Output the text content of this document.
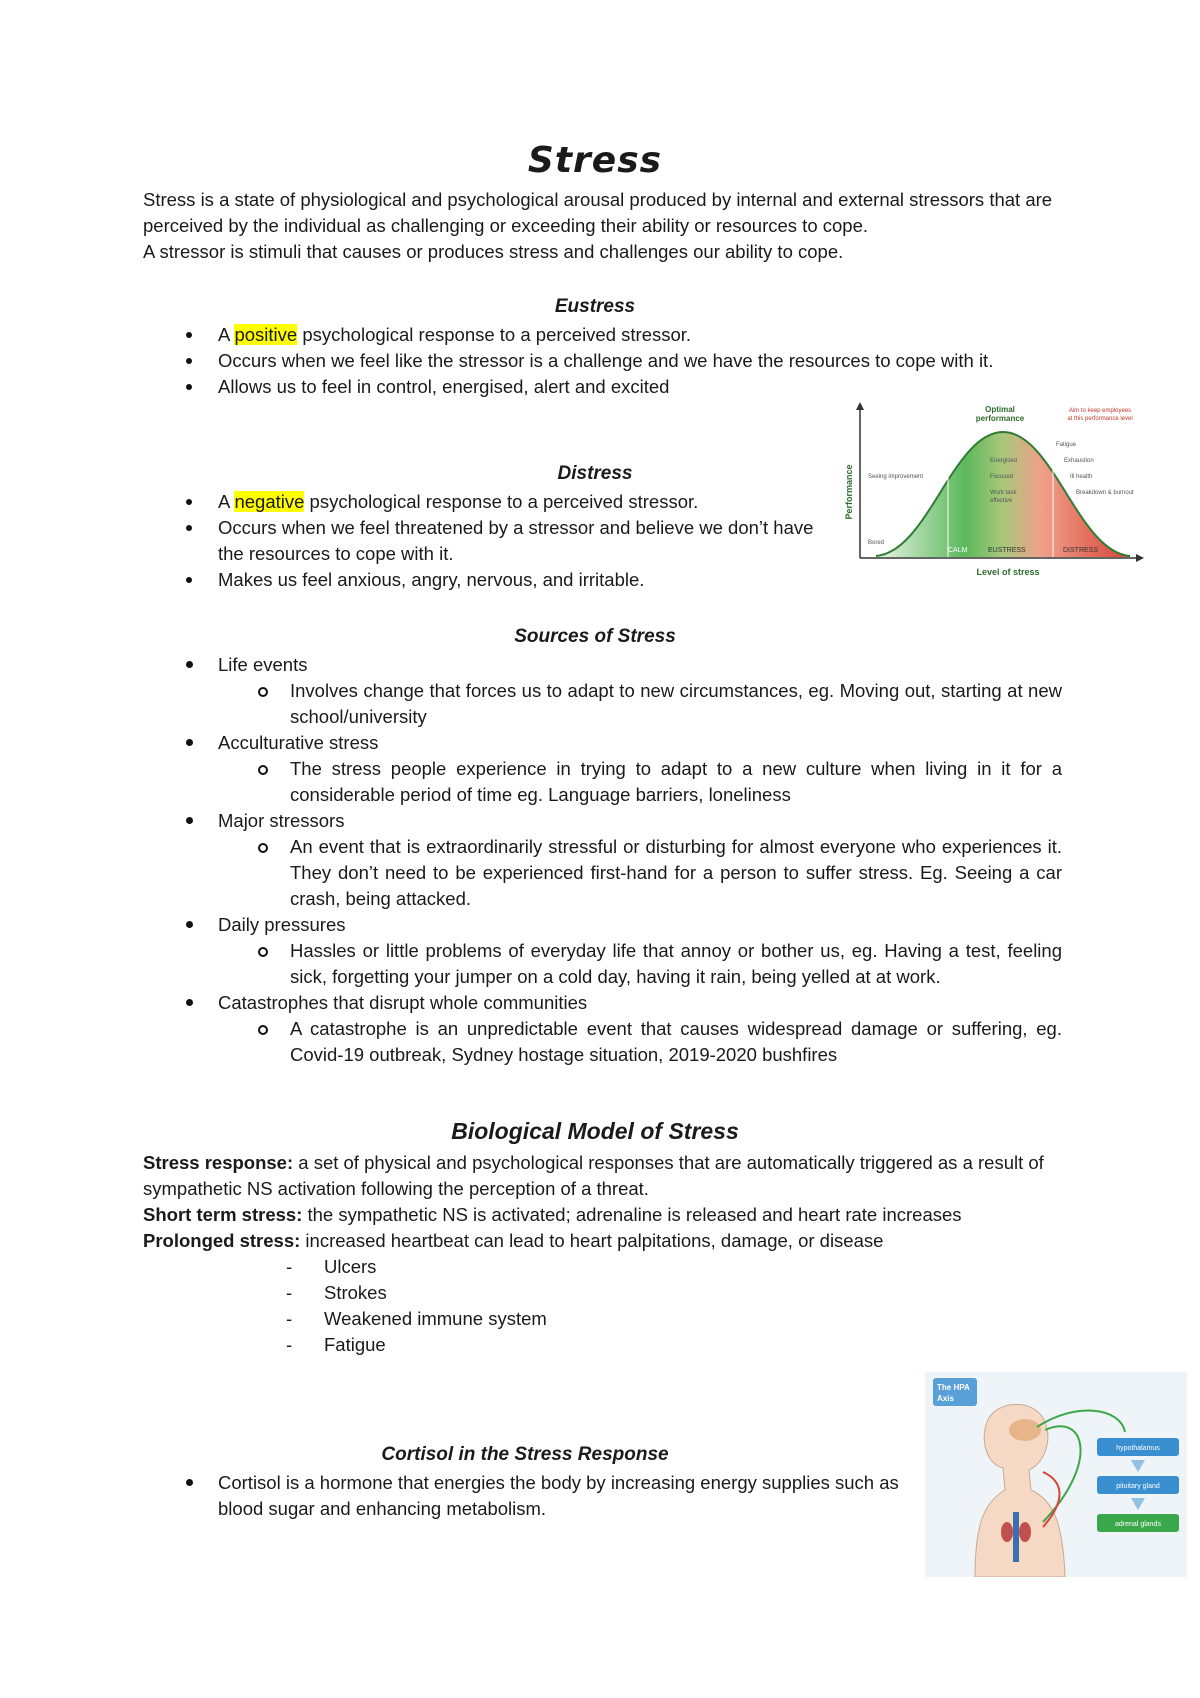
Stress

Stress is a state of physiological and psychological arousal produced by internal and external stressors that are perceived by the individual as challenging or exceeding their ability or resources to cope.

A stressor is stimuli that causes or produces stress and challenges our ability to cope.

Eustress
A positive psychological response to a perceived stressor.
Occurs when we feel like the stressor is a challenge and we have the resources to cope with it.
Allows us to feel in control, energised, alert and excited
Distress
A negative psychological response to a perceived stressor.
Occurs when we feel threatened by a stressor and believe we don’t have the resources to cope with it.
Makes us feel anxious, angry, nervous, and irritable.
Performance
Level of stress
Optimal
performance
Aim to keep employees
at this performance level
Seeing improvement
Bored
Energised
Focused
Work task
effective
Fatigue
Exhaustion
Ill health
Breakdown & burnout
CALM	EUSTRESS	DISTRESS
Sources of Stress
Life events
Involves change that forces us to adapt to new circumstances, eg. Moving out, starting at new school/university
Acculturative stress
The stress people experience in trying to adapt to a new culture when living in it for a considerable period of time eg. Language barriers, loneliness
Major stressors
An event that is extraordinarily stressful or disturbing for almost everyone who experiences it. They don’t need to be experienced first-hand for a person to suffer stress. Eg. Seeing a car crash, being attacked.
Daily pressures
Hassles or little problems of everyday life that annoy or bother us, eg. Having a test, feeling sick, forgetting your jumper on a cold day, having it rain, being yelled at at work.
Catastrophes that disrupt whole communities
A catastrophe is an unpredictable event that causes widespread damage or suffering, eg. Covid-19 outbreak, Sydney hostage situation, 2019-2020 bushfires
Biological Model of Stress

Stress response: a set of physical and psychological responses that are automatically triggered as a result of sympathetic NS activation following the perception of a threat.

Short term stress: the sympathetic NS is activated; adrenaline is released and heart rate increases

Prolonged stress: increased heartbeat can lead to heart palpitations, damage, or disease

- Ulcers
- Strokes
- Weakened immune system
- Fatigue
Cortisol in the Stress Response
Cortisol is a hormone that energies the body by increasing energy supplies such as blood sugar and enhancing metabolism.
The HPA
Axis
hypothalamus
pituitary gland
adrenal glands
